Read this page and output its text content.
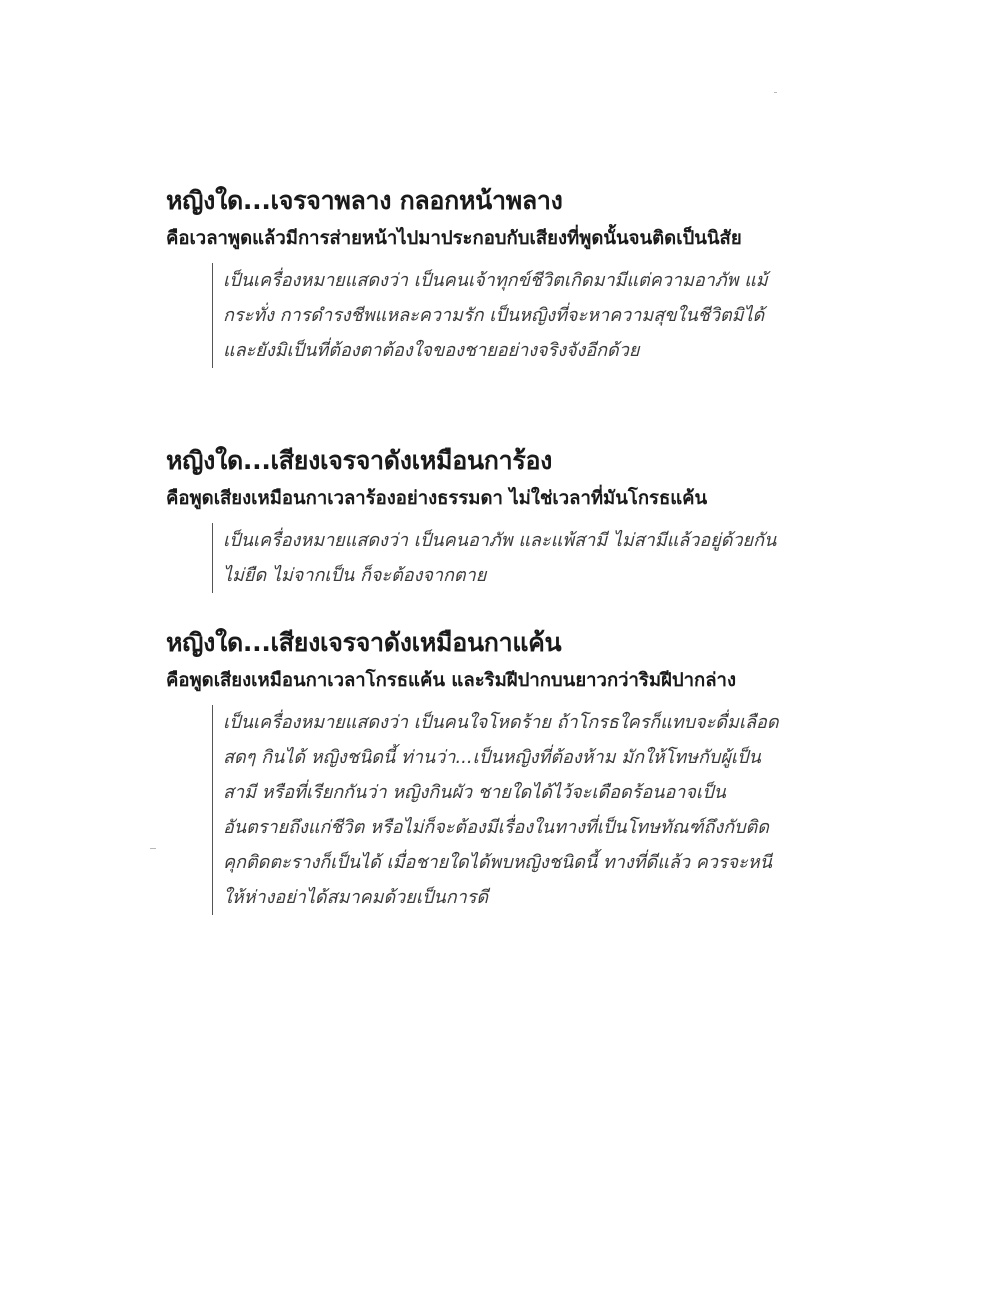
หญิงใด...เจรจาพลาง กลอกหน้าพลาง
คือเวลาพูดแล้วมีการส่ายหน้าไปมาประกอบกับเสียงที่พูดนั้นจนติดเป็นนิสัย
เป็นเครื่องหมายแสดงว่า เป็นคนเจ้าทุกข์ชีวิตเกิดมามีแต่ความอาภัพ แม้กระทั่ง การดำรงชีพแหละความรัก เป็นหญิงที่จะหาความสุขในชีวิตมิได้และยังมิเป็นที่ต้องตาต้องใจของชายอย่างจริงจังอีกด้วย
หญิงใด...เสียงเจรจาดังเหมือนการ้อง
คือพูดเสียงเหมือนกาเวลาร้องอย่างธรรมดา ไม่ใช่เวลาที่มันโกรธแค้น
เป็นเครื่องหมายแสดงว่า เป็นคนอาภัพ และแพ้สามี ไม่สามีแล้วอยู่ด้วยกันไม่ยืด ไม่จากเป็น ก็จะต้องจากตาย
หญิงใด...เสียงเจรจาดังเหมือนกาแค้น
คือพูดเสียงเหมือนกาเวลาโกรธแค้น และริมฝีปากบนยาวกว่าริมฝีปากล่าง
เป็นเครื่องหมายแสดงว่า เป็นคนใจโหดร้าย ถ้าโกรธใครก็แทบจะดื่มเลือดสดๆ กินได้ หญิงชนิดนี้ ท่านว่า...เป็นหญิงที่ต้องห้าม มักให้โทษกับผู้เป็นสามี หรือที่เรียกกันว่า หญิงกินผัว ชายใดได้ไว้จะเดือดร้อนอาจเป็นอันตรายถึงแก่ชีวิต หรือไม่ก็จะต้องมีเรื่องในทางที่เป็นโทษทัณฑ์ถึงกับติดคุกติดตะรางก็เป็นได้ เมื่อชายใดได้พบหญิงชนิดนี้ ทางที่ดีแล้ว ควรจะหนีให้ห่างอย่าได้สมาคมด้วยเป็นการดี
